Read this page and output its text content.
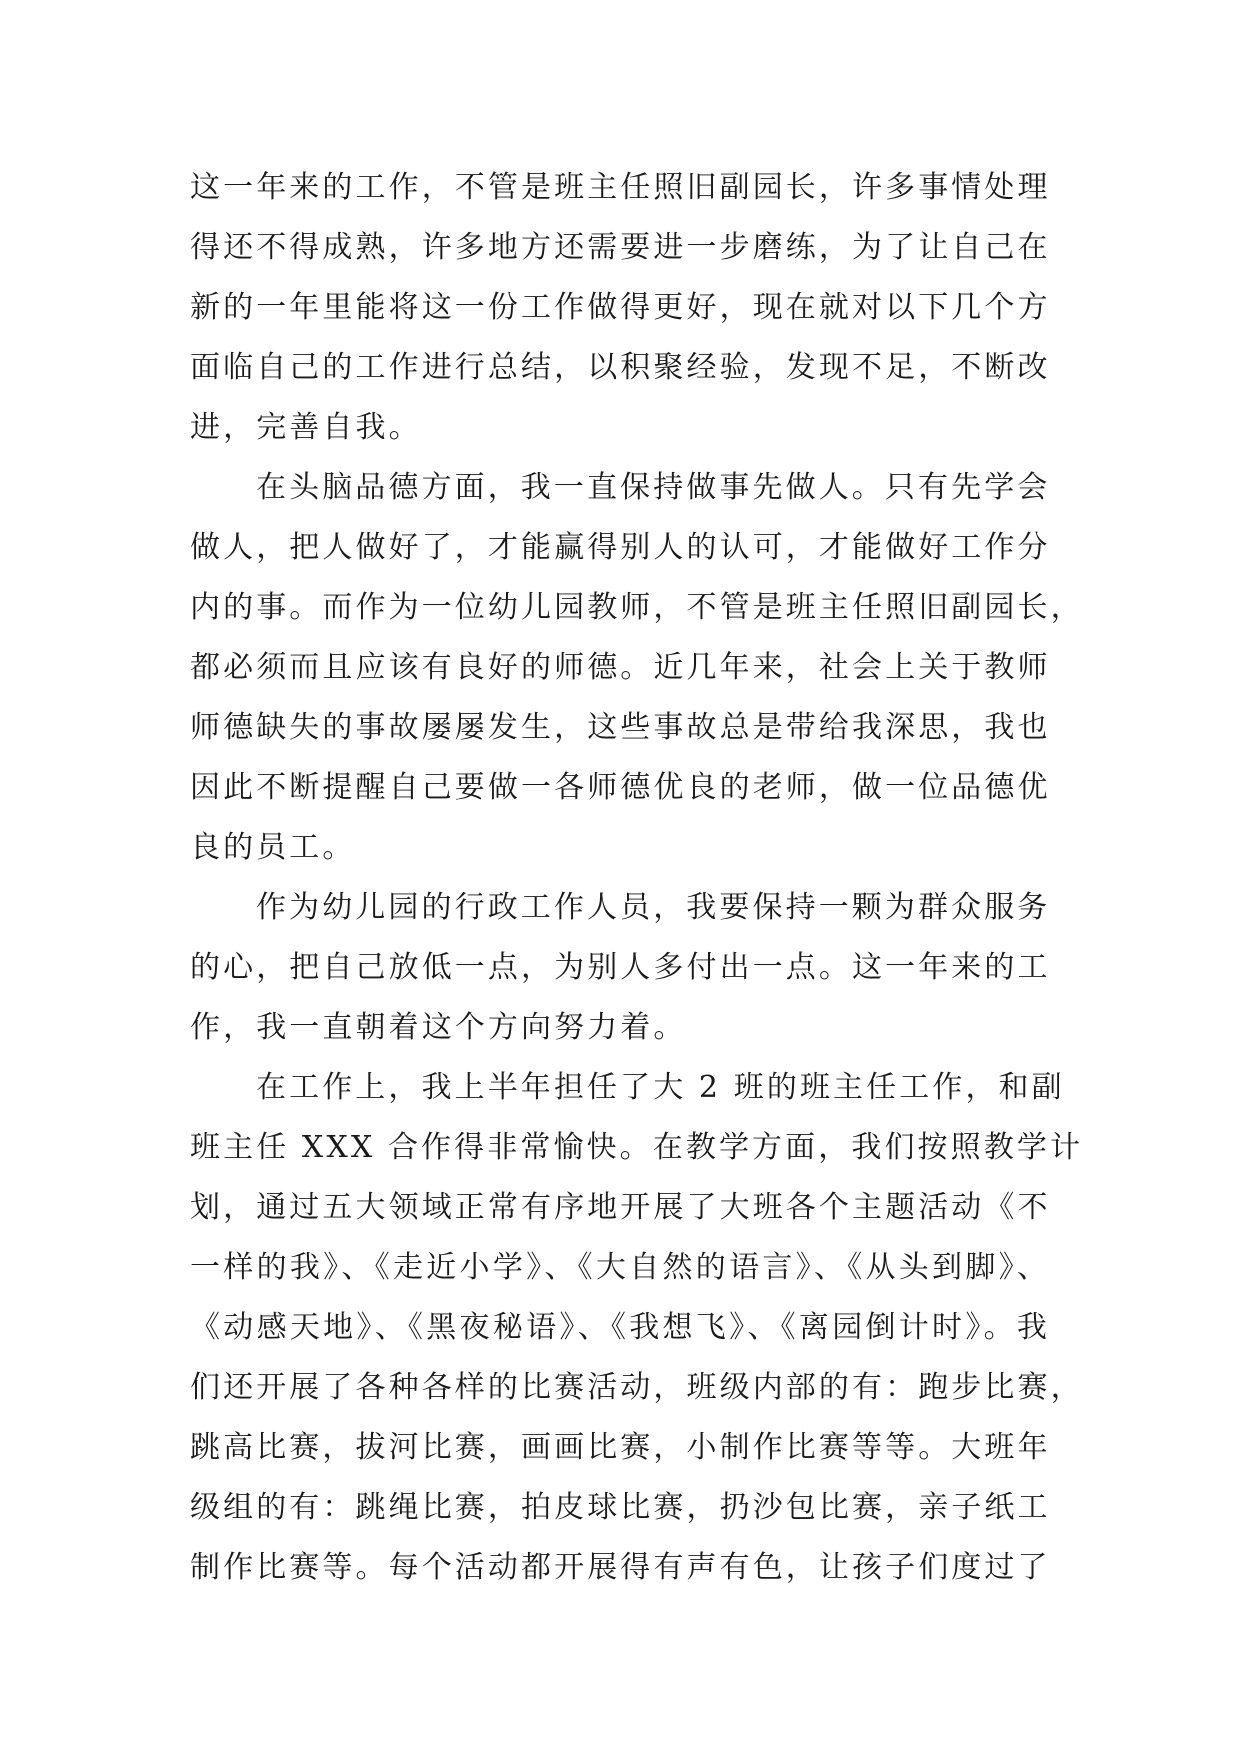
这一年来的工作，不管是班主任照旧副园长，许多事情处理
得还不得成熟，许多地方还需要进一步磨练，为了让自己在
新的一年里能将这一份工作做得更好，现在就对以下几个方
面临自己的工作进行总结，以积聚经验，发现不足，不断改
进，完善自我。
在头脑品德方面，我一直保持做事先做人。只有先学会
做人，把人做好了，才能赢得别人的认可，才能做好工作分
内的事。而作为一位幼儿园教师，不管是班主任照旧副园长，
都必须而且应该有良好的师德。近几年来，社会上关于教师
师德缺失的事故屡屡发生，这些事故总是带给我深思，我也
因此不断提醒自己要做一各师德优良的老师，做一位品德优
良的员工。
作为幼儿园的行政工作人员，我要保持一颗为群众服务
的心，把自己放低一点，为别人多付出一点。这一年来的工
作，我一直朝着这个方向努力着。
在工作上，我上半年担任了大 2 班的班主任工作，和副
班主任 XXX 合作得非常愉快。在教学方面，我们按照教学计
划，通过五大领域正常有序地开展了大班各个主题活动《不
一样的我》、《走近小学》、《大自然的语言》、《从头到脚》、
《动感天地》、《黑夜秘语》、《我想飞》、《离园倒计时》。我
们还开展了各种各样的比赛活动，班级内部的有：跑步比赛，
跳高比赛，拔河比赛，画画比赛，小制作比赛等等。大班年
级组的有：跳绳比赛，拍皮球比赛，扔沙包比赛，亲子纸工
制作比赛等。每个活动都开展得有声有色，让孩子们度过了
